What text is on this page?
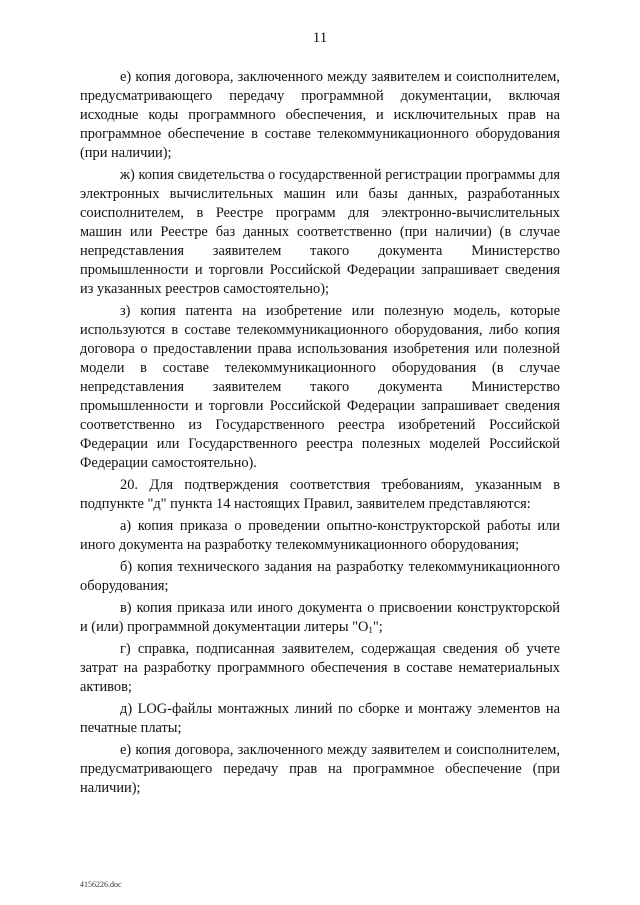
11

е) копия договора, заключенного между заявителем и соисполнителем, предусматривающего передачу программной документации, включая исходные коды программного обеспечения, и исключительных прав на программное обеспечение в составе телекоммуникационного оборудования (при наличии);

ж) копия свидетельства о государственной регистрации программы для электронных вычислительных машин или базы данных, разработанных соисполнителем, в Реестре программ для электронно-вычислительных машин или Реестре баз данных соответственно (при наличии) (в случае непредставления заявителем такого документа Министерство промышленности и торговли Российской Федерации запрашивает сведения из указанных реестров самостоятельно);

з) копия патента на изобретение или полезную модель, которые используются в составе телекоммуникационного оборудования, либо копия договора о предоставлении права использования изобретения или полезной модели в составе телекоммуникационного оборудования (в случае непредставления заявителем такого документа Министерство промышленности и торговли Российской Федерации запрашивает сведения соответственно из Государственного реестра изобретений Российской Федерации или Государственного реестра полезных моделей Российской Федерации самостоятельно).

20. Для подтверждения соответствия требованиям, указанным в подпункте "д" пункта 14 настоящих Правил, заявителем представляются:

а) копия приказа о проведении опытно-конструкторской работы или иного документа на разработку телекоммуникационного оборудования;

б) копия технического задания на разработку телекоммуникационного оборудования;

в) копия приказа или иного документа о присвоении конструкторской и (или) программной документации литеры "$О_1$";

г) справка, подписанная заявителем, содержащая сведения об учете затрат на разработку программного обеспечения в составе нематериальных активов;

д) LOG-файлы монтажных линий по сборке и монтажу элементов на печатные платы;

е) копия договора, заключенного между заявителем и соисполнителем, предусматривающего передачу прав на программное обеспечение (при наличии);

4156226.doc
